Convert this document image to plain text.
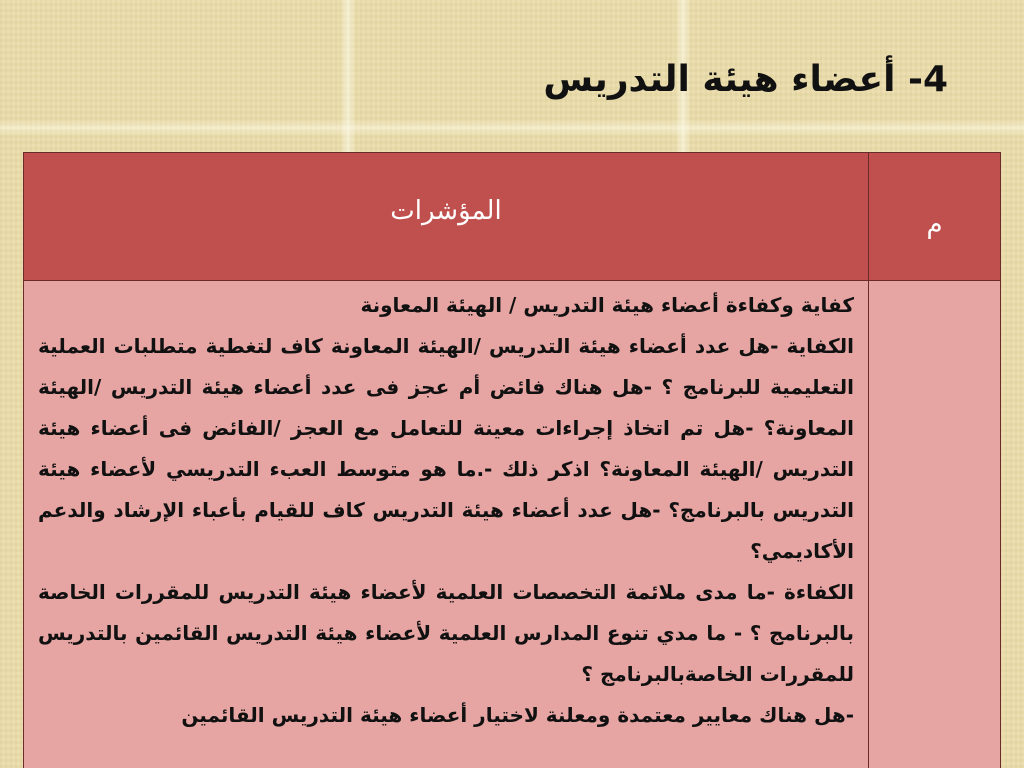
4- أعضاء هيئة التدريس
م	المؤشرات

	كفاية وكفاءة أعضاء هيئة التدريس / الهيئة المعاونة

الكفاية -هل عدد أعضاء هيئة التدريس /الهيئة المعاونة كاف لتغطية متطلبات العملية التعليمية للبرنامج ؟ -هل هناك فائض أم عجز فى عدد أعضاء هيئة التدريس /الهيئة المعاونة؟ -هل تم اتخاذ إجراءات معينة للتعامل مع العجز /الفائض فى أعضاء هيئة التدريس /الهيئة المعاونة؟ اذكر ذلك -.ما هو متوسط العبء التدريسي لأعضاء هيئة التدريس بالبرنامج؟ -هل عدد أعضاء هيئة التدريس كاف للقيام بأعباء الإرشاد والدعم الأكاديمي؟

الكفاءة -ما مدى ملائمة التخصصات العلمية لأعضاء هيئة التدريس للمقررات الخاصة بالبرنامج ؟ - ما مدي تنوع المدارس العلمية لأعضاء هيئة التدريس القائمين بالتدريس للمقررات الخاصةبالبرنامج ؟

-هل هناك معايير معتمدة ومعلنة لاختيار أعضاء هيئة التدريس القائمين
